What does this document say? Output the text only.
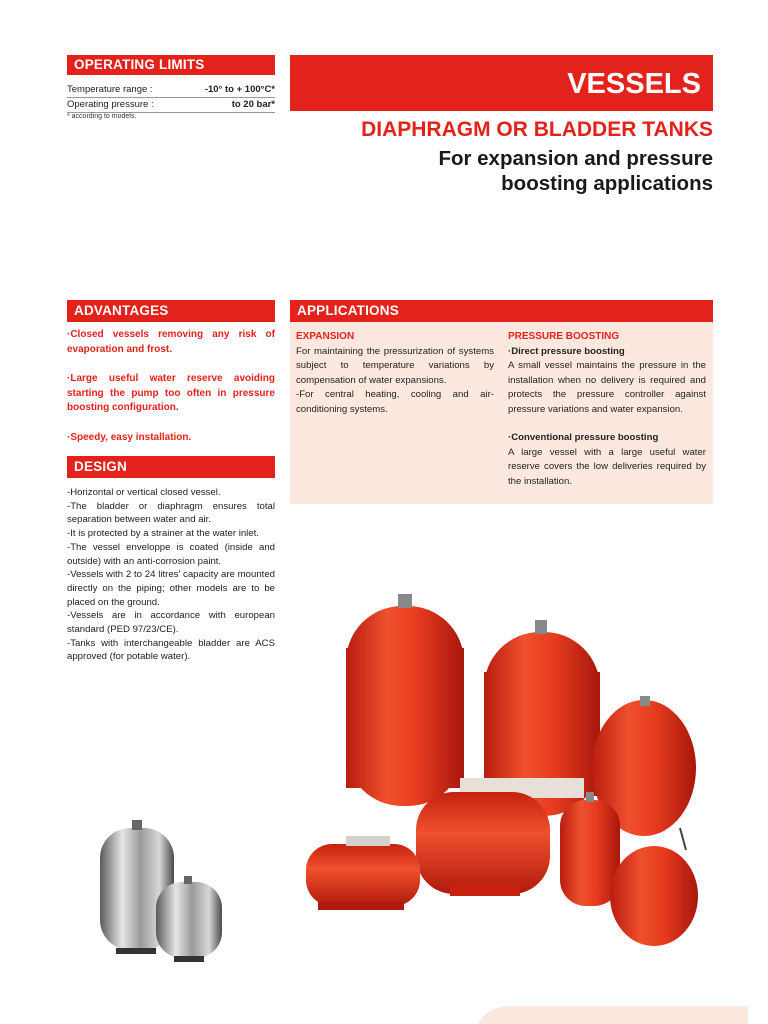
OPERATING LIMITS
Temperature range :	-10° to + 100°C*
Operating pressure :	to 20 bar*
* according to models.
VESSELS
DIAPHRAGM OR BLADDER TANKS
For expansion and pressure
boosting applications
ADVANTAGES
·Closed vessels removing any risk of evaporation and frost.
·Large useful water reserve avoiding starting the pump too often in pressure boosting configuration.
·Speedy, easy installation.
DESIGN
-Horizontal or vertical closed vessel.
-The bladder or diaphragm ensures total separation between water and air.
-It is protected by a strainer at the water inlet.
-The vessel enveloppe is coated (inside and outside) with an anti-corrosion paint.
-Vessels with 2 to 24 litres' capacity are mounted directly on the piping; other models are to be placed on the ground.
-Vessels are in accordance with european standard (PED 97/23/CE).
-Tanks with interchangeable bladder are ACS approved (for potable water).
APPLICATIONS
EXPANSION
For maintaining the pressurization of systems subject to temperature variations by compensation of water expansions.
-For central heating, cooling and air-conditioning systems.
PRESSURE BOOSTING
·Direct pressure boosting
A small vessel maintains the pressure in the installation when no delivery is required and protects the pressure controller against pressure variations and water expansion.
·Conventional pressure boosting
A large vessel with a large useful water reserve covers the low deliveries required by the installation.
